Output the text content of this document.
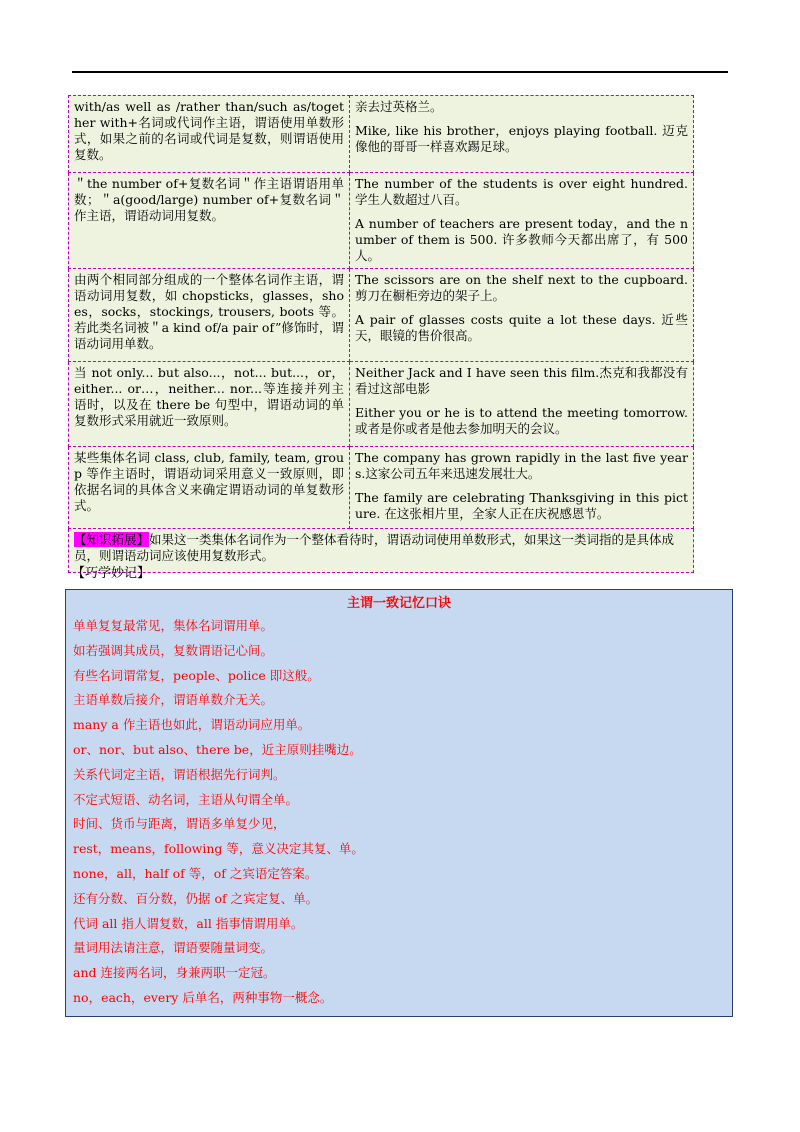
with/as well as /rather than/such as/together with+名词或代词作主语，谓语使用单数形式，如果之前的名词或代词是复数，则谓语使用复数。	亲去过英格兰。

Mike, like his brother，enjoys playing football. 迈克像他的哥哥一样喜欢踢足球。

＂the number of+复数名词＂作主语谓语用单数；＂a(good/large) number of+复数名词＂作主语，谓语动词用复数。	The number of the students is over eight hundred. 学生人数超过八百。

A number of teachers are present today，and the number of them is 500. 许多教师今天都出席了，有 500 人。

由两个相同部分组成的一个整体名词作主语，谓语动词用复数，如 chopsticks，glasses，shoes，socks，stockings, trousers, boots 等。若此类名词被＂a kind of/a pair of”修饰时，谓语动词用单数。	The scissors are on the shelf next to the cupboard. 剪刀在橱柜旁边的架子上。

A pair of glasses costs quite a lot these days. 近些天，眼镜的售价很高。

当 not only... but also...，not... but...，or，either... or…，neither... nor...等连接并列主语时，以及在 there be 句型中，谓语动词的单复数形式采用就近一致原则。	Neither Jack and I have seen this film.杰克和我都没有看过这部电影

Either you or he is to attend the meeting tomorrow.或者是你或者是他去参加明天的会议。

某些集体名词 class, club, family, team, group 等作主语时，谓语动词采用意义一致原则，即依据名词的具体含义来确定谓语动词的单复数形式。	The company has grown rapidly in the last five years.这家公司五年来迅速发展壮大。

The family are celebrating Thanksgiving in this picture. 在这张相片里，全家人正在庆祝感恩节。

【知识拓展】如果这一类集体名词作为一个整体看待时，谓语动词使用单数形式，如果这一类词指的是具体成员，则谓语动词应该使用复数形式。	
【巧学妙记】
主谓一致记忆口诀
单单复复最常见，集体名词谓用单。
如若强调其成员，复数谓语记心间。
有些名词谓常复，people、police 即这般。
主语单数后接介，谓语单数介无关。
many a 作主语也如此，谓语动词应用单。
or、nor、but also、there be，近主原则挂嘴边。
关系代词定主语，谓语根据先行词判。
不定式短语、动名词，主语从句谓全单。
时间、货币与距离，谓语多单复少见，
rest，means，following 等，意义决定其复、单。
none，all，half of 等，of 之宾语定答案。
还有分数、百分数，仍据 of 之宾定复、单。
代词 all 指人谓复数，all 指事情谓用单。
量词用法请注意，谓语要随量词变。
and 连接两名词，身兼两职一定冠。
no，each，every 后单名，两种事物一概念。
